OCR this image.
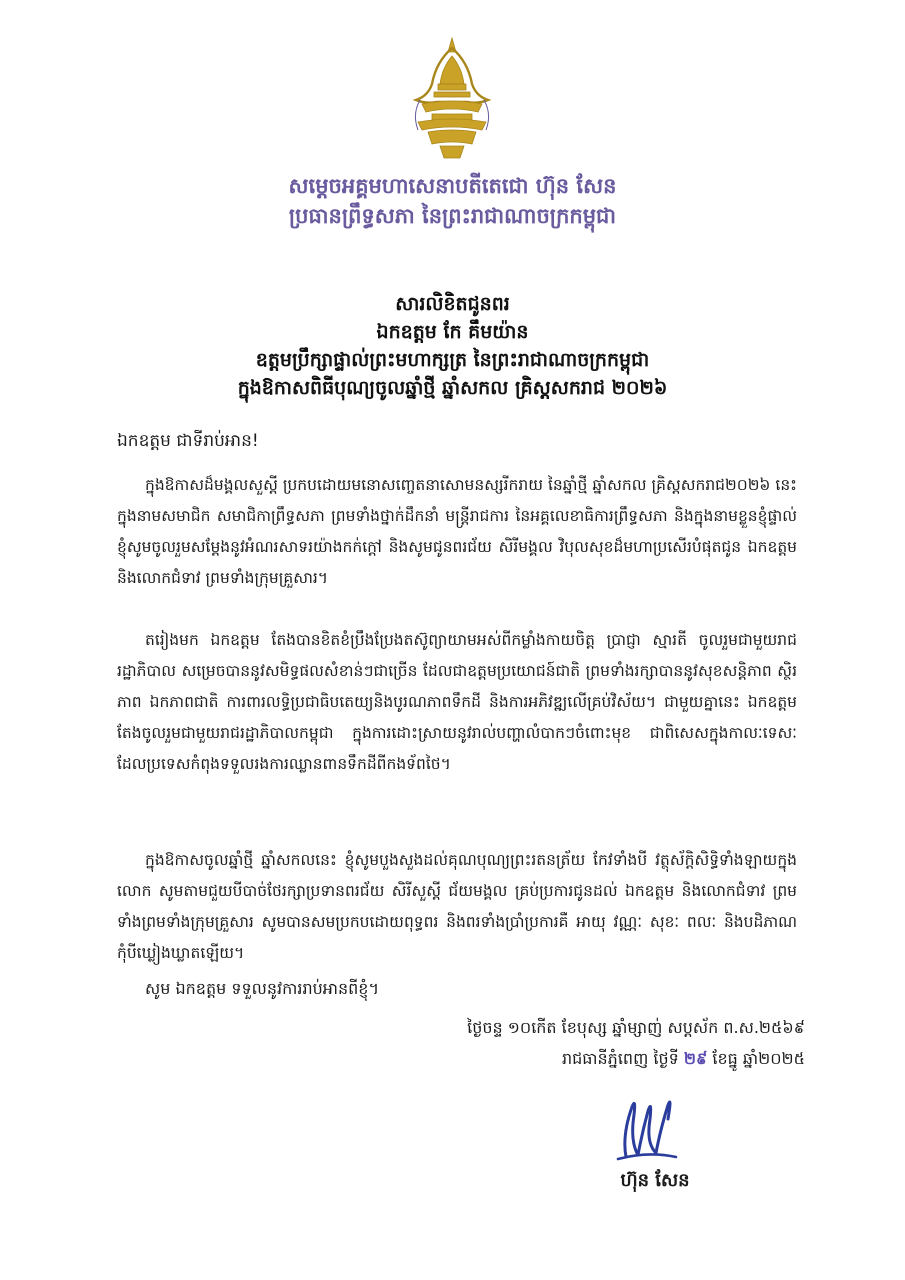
សម្ដេចអគ្គមហាសេនាបតីតេជោ ហ៊ុន សែន
ប្រធានព្រឹទ្ធសភា នៃព្រះរាជាណាចក្រកម្ពុជា
សារលិខិតជូនពរ
ឯកឧត្តម កែ គឹមយ៉ាន
ឧត្តមប្រឹក្សាផ្ទាល់ព្រះមហាក្សត្រ នៃព្រះរាជាណាចក្រកម្ពុជា
ក្នុងឱកាសពិធីបុណ្យចូលឆ្នាំថ្មី ឆ្នាំសកល គ្រិស្តសករាជ ២០២៦
ឯកឧត្តម ជាទីរាប់អាន!

ក្នុងឱកាសដ៏មង្គលសួស្តី ប្រកបដោយមនោសញ្ចេតនាសោមនស្សរីករាយ នៃឆ្នាំថ្មី ឆ្នាំសកល គ្រិស្តសករាជ២០២៦ នេះ ក្នុងនាមសមាជិក សមាជិកាព្រឹទ្ធសភា ព្រមទាំងថ្នាក់ដឹកនាំ មន្ត្រីរាជការ នៃអគ្គលេខាធិការព្រឹទ្ធសភា និងក្នុងនាមខ្លួនខ្ញុំផ្ទាល់ ខ្ញុំសូមចូលរួមសម្ដែងនូវអំណរសាទរយ៉ាងកក់ក្ដៅ និងសូមជូនពរជ័យ សិរីមង្គល វិបុលសុខដ៏មហាប្រសើរបំផុតជូន ឯកឧត្តម និងលោកជំទាវ ព្រមទាំងក្រុមគ្រួសារ។

តរៀងមក ឯកឧត្តម តែងបានខិតខំប្រឹងប្រែងតស៊ូព្យាយាមអស់ពីកម្លាំងកាយចិត្ត ប្រាជ្ញា ស្មារតី ចូលរួមជាមួយរាជរដ្ឋាភិបាល សម្រេចបាននូវសមិទ្ធផលសំខាន់ៗជាច្រើន ដែលជាឧត្តមប្រយោជន៍ជាតិ ព្រមទាំងរក្សាបាននូវសុខសន្តិភាព ស្ថិរភាព ឯកភាពជាតិ ការពារលទ្ធិប្រជាធិបតេយ្យនិងបូរណភាពទឹកដី និងការអភិវឌ្ឍលើគ្រប់វិស័យ។ ជាមួយគ្នានេះ ឯកឧត្តម តែងចូលរួមជាមួយរាជរដ្ឋាភិបាលកម្ពុជា ក្នុងការដោះស្រាយនូវរាល់បញ្ហាលំបាកៗចំពោះមុខ ជាពិសេសក្នុងកាលៈទេសៈ ដែលប្រទេសកំពុងទទួលរងការឈ្លានពានទឹកដីពីកងទ័ពថៃ។

ក្នុងឱកាសចូលឆ្នាំថ្មី ឆ្នាំសកលនេះ ខ្ញុំសូមបួងសួងដល់គុណបុណ្យព្រះរតនត្រ័យ កែវទាំងបី វត្ថុស័ក្តិសិទ្ធិទាំងឡាយក្នុងលោក សូមតាមជួយបីបាច់ថែរក្សាប្រទានពរជ័យ សិរីសួស្តី ជ័យមង្គល គ្រប់ប្រការជូនដល់ ឯកឧត្តម និងលោកជំទាវ ព្រមទាំងព្រមទាំងក្រុមគ្រួសារ សូមបានសមប្រកបដោយពុទ្ធពរ និងពរទាំងប្រាំប្រការគឺ អាយុ វណ្ណៈ សុខៈ ពលៈ និងបដិភាណ កុំបីឃ្លៀងឃ្លាតឡើយ។

សូម ឯកឧត្តម ទទួលនូវការរាប់អានពីខ្ញុំ។
ថ្ងៃចន្ទ ១០កើត ខែបុស្ស ឆ្នាំម្សាញ់ សប្តស័ក ព.ស.២៥៦៩
រាជធានីភ្នំពេញ ថ្ងៃទី ២៩ ខែធ្នូ ឆ្នាំ២០២៥
ហ៊ុន សែន
